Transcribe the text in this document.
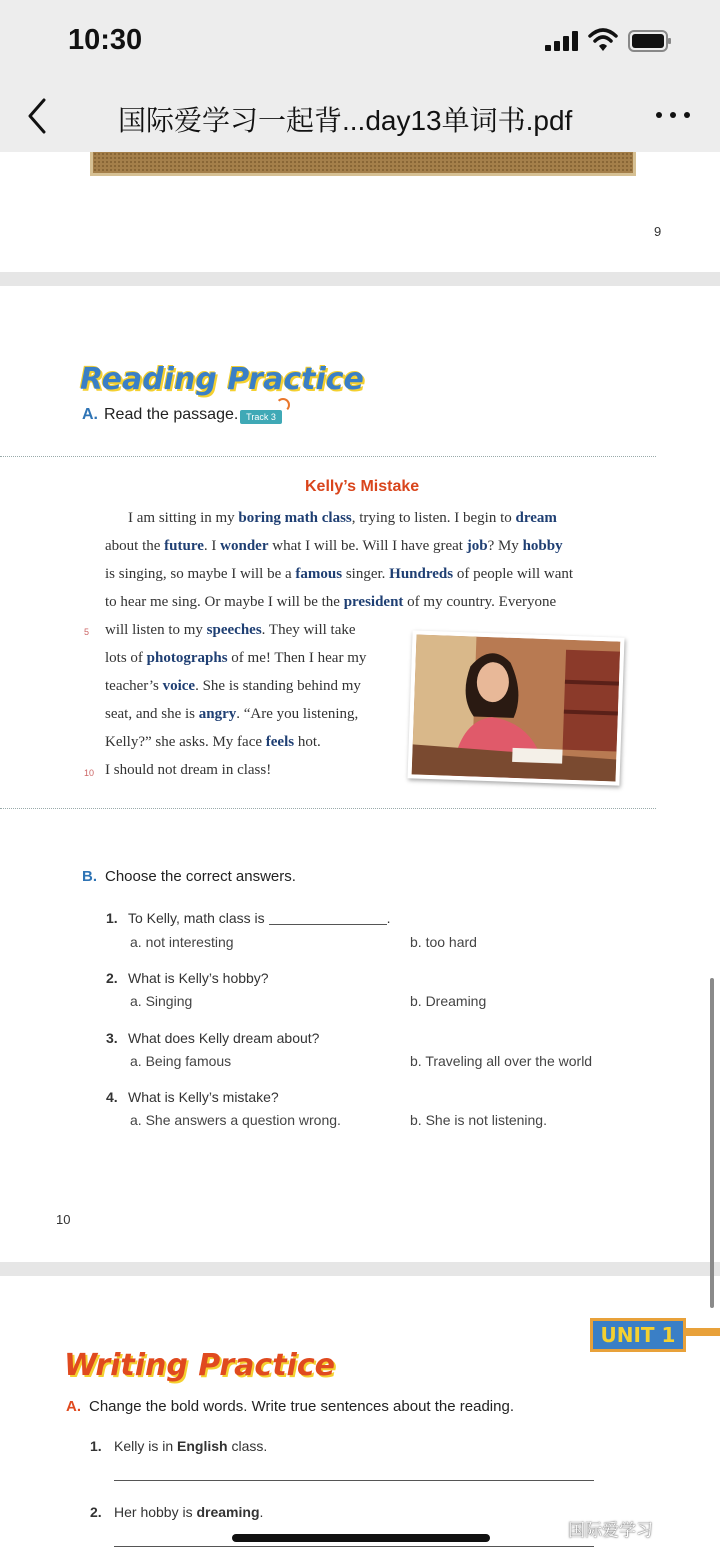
10:30
国际爱学习一起背...day13单词书.pdf
9
Reading Practice
A. Read the passage. Track 3
Kelly’s Mistake
I am sitting in my boring math class, trying to listen. I begin to dream
about the future. I wonder what I will be. Will I have great job? My hobby
is singing, so maybe I will be a famous singer. Hundreds of people will want
to hear me sing. Or maybe I will be the president of my country. Everyone
will listen to my speeches. They will take
lots of photographs of me! Then I hear my
teacher’s voice. She is standing behind my
seat, and she is angry. “Are you listening,
Kelly?” she asks. My face feels hot.
I should not dream in class!
5
10
B. Choose the correct answers.
1. To Kelly, math class is	.
a. not interesting	b. too hard
2. What is Kelly’s hobby?
a. Singing	b. Dreaming
3. What does Kelly dream about?
a. Being famous	b. Traveling all over the world
4. What is Kelly’s mistake?
a. She answers a question wrong.	b. She is not listening.
10
UNIT 1
Writing Practice
A. Change the bold words. Write true sentences about the reading.
1. Kelly is in English class.
2. Her hobby is dreaming.
国际爱学习
